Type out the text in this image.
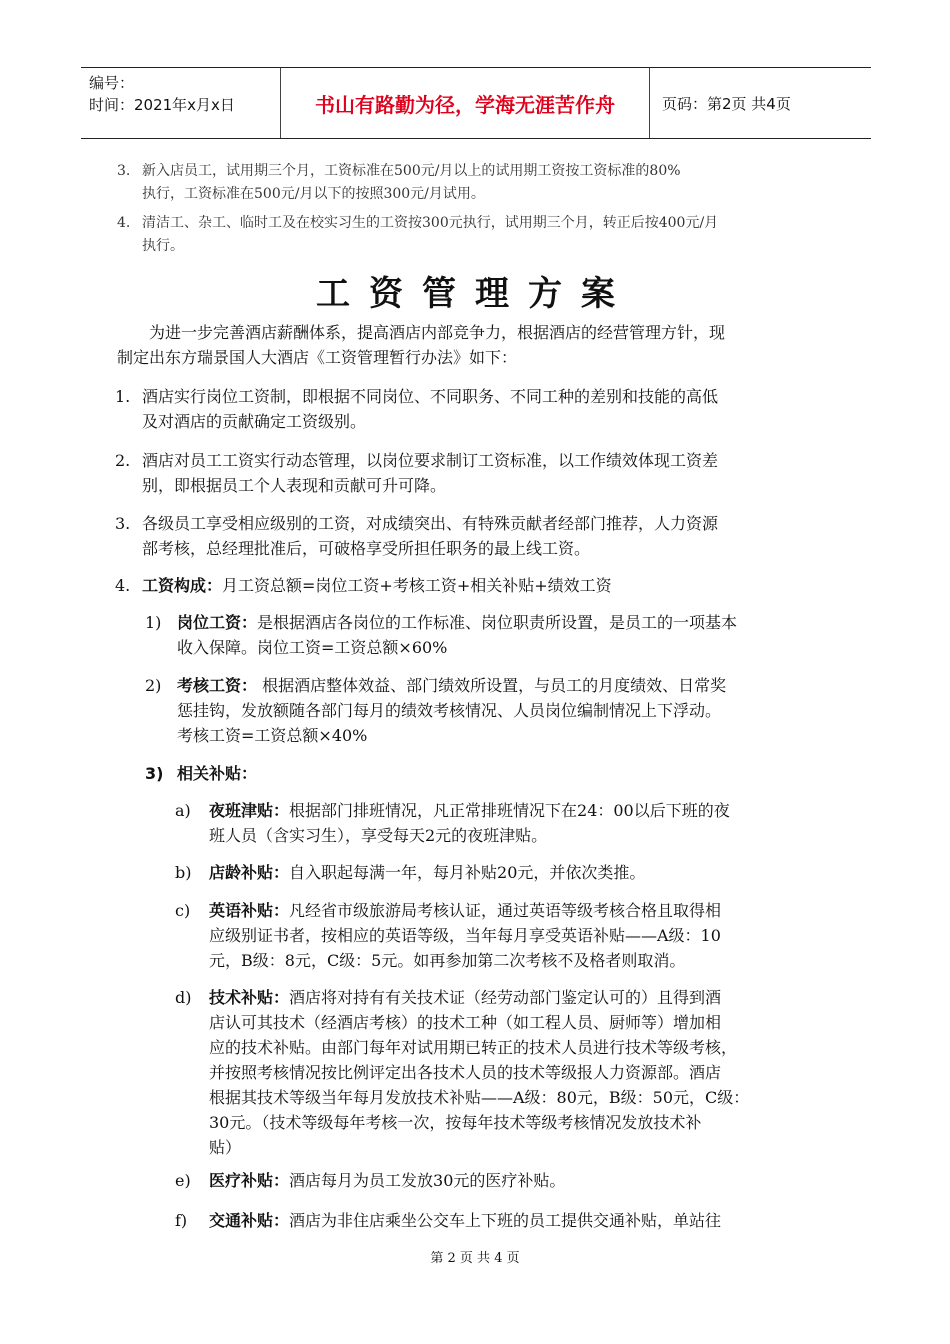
编号：
时间：2021年x月x日	书山有路勤为径，学海无涯苦作舟	页码：第2页 共4页
3. 新入店员工，试用期三个月，工资标准在500元/月以上的试用期工资按工资标准的80%
执行，工资标准在500元/月以下的按照300元/月试用。
4. 清洁工、杂工、临时工及在校实习生的工资按300元执行，试用期三个月，转正后按400元/月
执行。
工资管理方案
为进一步完善酒店薪酬体系，提高酒店内部竞争力，根据酒店的经营管理方针，现
制定出东方瑞景国人大酒店《工资管理暂行办法》如下：
1. 酒店实行岗位工资制，即根据不同岗位、不同职务、不同工种的差别和技能的高低
及对酒店的贡献确定工资级别。
2. 酒店对员工工资实行动态管理，以岗位要求制订工资标准，以工作绩效体现工资差
别，即根据员工个人表现和贡献可升可降。
3. 各级员工享受相应级别的工资，对成绩突出、有特殊贡献者经部门推荐，人力资源
部考核，总经理批准后，可破格享受所担任职务的最上线工资。
4. 工资构成：月工资总额=岗位工资+考核工资+相关补贴+绩效工资
1) 岗位工资：是根据酒店各岗位的工作标准、岗位职责所设置，是员工的一项基本
收入保障。岗位工资=工资总额×60%
2) 考核工资： 根据酒店整体效益、部门绩效所设置，与员工的月度绩效、日常奖
惩挂钩，发放额随各部门每月的绩效考核情况、人员岗位编制情况上下浮动。
考核工资=工资总额×40%
3) 相关补贴：
a) 夜班津贴：根据部门排班情况，凡正常排班情况下在24：00以后下班的夜
班人员（含实习生），享受每天2元的夜班津贴。
b) 店龄补贴：自入职起每满一年，每月补贴20元，并依次类推。
c) 英语补贴：凡经省市级旅游局考核认证，通过英语等级考核合格且取得相
应级别证书者，按相应的英语等级，当年每月享受英语补贴——A级：10
元，B级：8元，C级：5元。如再参加第二次考核不及格者则取消。
d) 技术补贴：酒店将对持有有关技术证（经劳动部门鉴定认可的）且得到酒
店认可其技术（经酒店考核）的技术工种（如工程人员、厨师等）增加相
应的技术补贴。由部门每年对试用期已转正的技术人员进行技术等级考核，
并按照考核情况按比例评定出各技术人员的技术等级报人力资源部。酒店
根据其技术等级当年每月发放技术补贴——A级：80元，B级：50元，C级：
30元。（技术等级每年考核一次，按每年技术等级考核情况发放技术补
贴）
e) 医疗补贴：酒店每月为员工发放30元的医疗补贴。
f) 交通补贴：酒店为非住店乘坐公交车上下班的员工提供交通补贴，单站往
第 2 页 共 4 页
